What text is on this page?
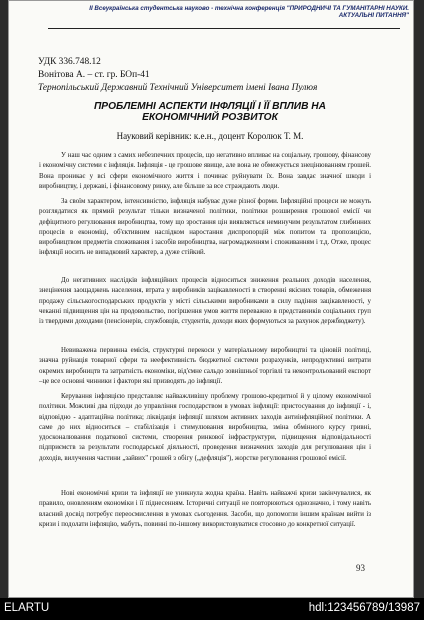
II Всеукраїнська студентська науково - технічна конференція "ПРИРОДНИЧІ ТА ГУМАНІТАРНІ НАУКИ. АКТУАЛЬНІ ПИТАННЯ"
УДК 336.748.12
Вонітова А. – ст. гр. БОп-41
Тернопільський Державний Технічний Університет імені Івана Пулюя
ПРОБЛЕМНІ АСПЕКТИ ІНФЛЯЦІЇ І ЇЇ ВПЛИВ НА ЕКОНОМІЧНИЙ РОЗВИТОК
Науковий керівник: к.е.н., доцент Королюк Т. М.

У наш час одним з самих небезпечних процесів, що негативно впливає на соціальну, грошову, фінансову і економічну системи є інфляція. Інфляція - це грошове явище, але вона не обмежується знецінюванням грошей. Вона проникає у всі сфери економічного життя і починає руйнувати їх. Вона завдає значної шкоди і виробництву, і державі, і фінансовому ринку, але більше за все страждають люди.

За своїм характером, інтенсивністю, інфляція набуває дуже різної форми. Інфляційні процеси не можуть розглядатися як прямий результат тільки визначеної політики, політики розширення грошової емісії чи дефіцитного регулювання виробництва, тому що зростання цін виявляється неминучим результатом глибинних процесів в економіці, об'єктивним наслідком наростання диспропорцій між попитом та пропозицією, виробництвом предметів споживання і засобів виробництва, нагромадженням і споживанням і т.д. Отже, процес інфляції носить не випадковий характер, а дуже стійкий.

До негативних наслідків інфляційних процесів відноситься зниження реальних доходів населення, знецінення заощаджень населення, втрата у виробників зацікавленості в створенні якісних товарів, обмеження продажу сільськогосподарських продуктів у місті сільськими виробниками в силу падіння зацікавленості, у чеканні підвищення цін на продовольство, погіршення умов життя переважно в представників соціальних груп із твердими доходами (пенсіонерів, службовців, студентів, доходи яких формуються за рахунок держбюджету).

Невиважена первинна емісія, структурні перекоси у матеріальному виробництві та ціновій політиці, значна руйнація товарної сфери та неефективність бюджетної системи розрахунків, непродуктивні витрати окремих виробництв та затратність економіки, від'ємне сальдо зовнішньої торгівлі та неконтрольований експорт –це все основні чинники і фактори які призводять до інфляції.

Керування інфляцією представляє найважливішу проблему грошово-кредитної й у цілому економічної політики. Можливі два підходи до управління господарством в умовах інфляції: пристосування до інфляції - і, відповідно - адаптаційна політика; ліквідація інфляції шляхом активних заходів антиінфляційної політики. А саме до них відноситься – стабілізація і стимулювання виробництва, зміна обмінного курсу гривні, удосконалювання податкової системи, створення ринкової інфраструктури, підвищення відповідальності підприємств за результати господарської діяльності, проведення визначених заходів для регулювання цін і доходів, вилучення частини „зайвих" грошей з обігу („дефляція"), жорстке регулювання грошової емісії.

Нові економічні кризи та інфляції не уникнула жодна країна. Навіть найважчі кризи закінчувалися, як правило, оновленням економіки і її піднесенням. Історичні ситуації не повторюються однозначно, і тому навіть власний досвід потребує переосмислення в умовах сьогодення. Засоби, що допомогли іншим країнам вийти із кризи і подолати інфляцію, мабуть, повинні по-іншому використовуватися стосовно до конкретної ситуації.

93
ELARTU	hdl:123456789/13987
